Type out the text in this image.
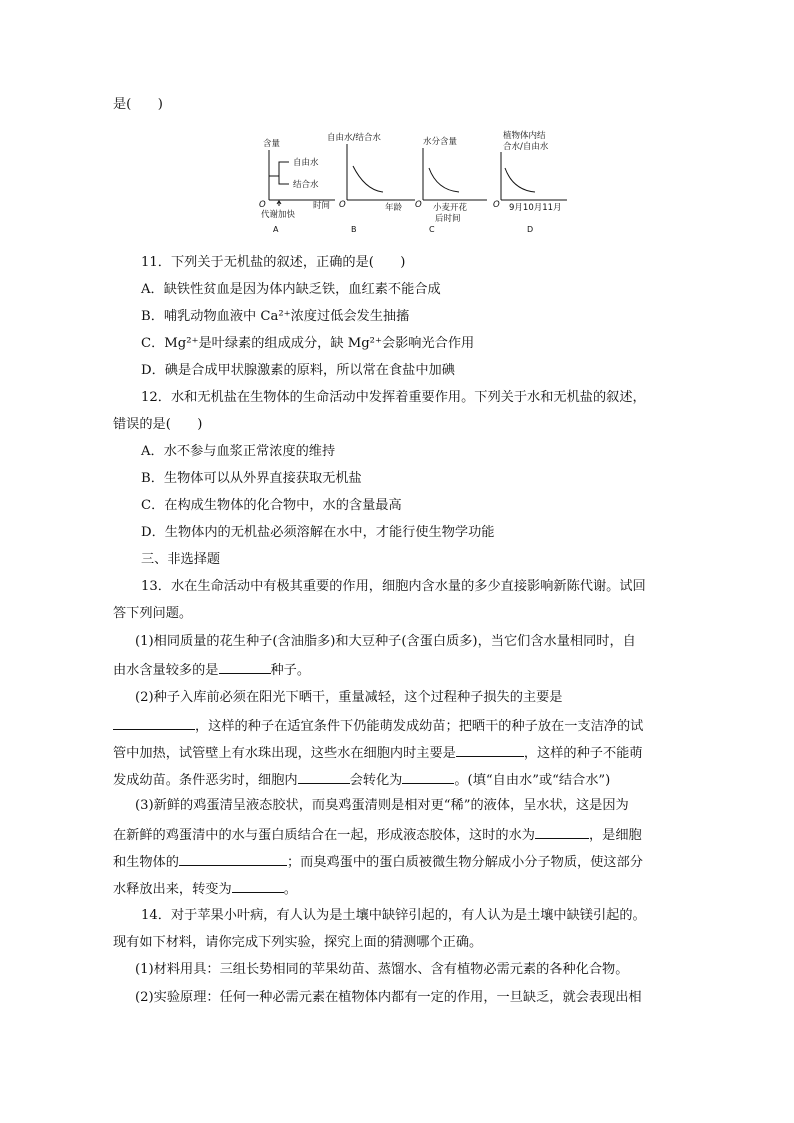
是(　　)
含量
自由水
结合水
O
代谢加快
时间
A
自由水/结合水
O	年龄
B
水分含量
O 小麦开花
后时间
C
植物体内结
合水/自由水
O 9月10月11月
D
11．下列关于无机盐的叙述，正确的是(　　)
A．缺铁性贫血是因为体内缺乏铁，血红素不能合成
B．哺乳动物血液中 Ca²⁺浓度过低会发生抽搐
C．Mg²⁺是叶绿素的组成成分，缺 Mg²⁺会影响光合作用
D．碘是合成甲状腺激素的原料，所以常在食盐中加碘
12．水和无机盐在生物体的生命活动中发挥着重要作用。下列关于水和无机盐的叙述，
错误的是(　　)
A．水不参与血浆正常浓度的维持
B．生物体可以从外界直接获取无机盐
C．在构成生物体的化合物中，水的含量最高
D．生物体内的无机盐必须溶解在水中，才能行使生物学功能
三、非选择题
13．水在生命活动中有极其重要的作用，细胞内含水量的多少直接影响新陈代谢。试回
答下列问题。
(1)相同质量的花生种子(含油脂多)和大豆种子(含蛋白质多)，当它们含水量相同时，自
由水含量较多的是	种子。
(2)种子入库前必须在阳光下晒干，重量减轻，这个过程种子损失的主要是
，这样的种子在适宜条件下仍能萌发成幼苗；把晒干的种子放在一支洁净的试
管中加热，试管壁上有水珠出现，这些水在细胞内时主要是	，这样的种子不能萌
发成幼苗。条件恶劣时，细胞内	会转化为	。(填“自由水”或“结合水”)
(3)新鲜的鸡蛋清呈液态胶状，而臭鸡蛋清则是相对更“稀”的液体，呈水状，这是因为
在新鲜的鸡蛋清中的水与蛋白质结合在一起，形成液态胶体，这时的水为	，是细胞
和生物体的	；而臭鸡蛋中的蛋白质被微生物分解成小分子物质，使这部分
水释放出来，转变为	。
14．对于苹果小叶病，有人认为是土壤中缺锌引起的，有人认为是土壤中缺镁引起的。
现有如下材料，请你完成下列实验，探究上面的猜测哪个正确。
(1)材料用具：三组长势相同的苹果幼苗、蒸馏水、含有植物必需元素的各种化合物。
(2)实验原理：任何一种必需元素在植物体内都有一定的作用，一旦缺乏，就会表现出相
